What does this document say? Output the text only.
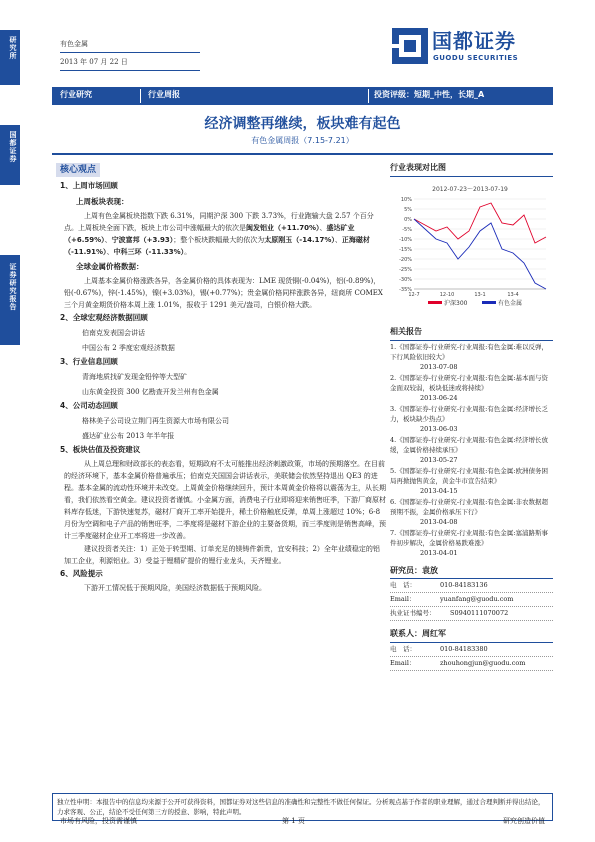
研究所
国都证券
证券研究报告
有色金属
2013 年 07 月 22 日
国都证券
GUODU SECURITIES
行业研究	行业周报	投资评级：短期_中性，长期_A
经济调整再继续，板块难有起色
有色金属周报（7.15-7.21）
核心观点
1、上周市场回顾
上周板块表现：
上周有色金属板块指数下跌 6.31%，同期沪深 300 下跌 3.73%，行业跑输大盘 2.57 个百分点。上周板块全面下跌，板块上市公司中涨幅最大的依次是闽发铝业（+11.70%）、盛达矿业（+6.59%）、宁波富邦（+3.93）；整个板块跌幅最大的依次为太原刚玉（-14.17%）、正海磁材（-11.91%）、中科三环（-11.33%）。
全球金属价格数据：
上周基本金属价格涨跌各异，各金属价格的具体表现为：LME 现货铜(-0.04%)，铝(-0.89%)，铅(-0.67%)，锌(-1.45%)，镍(+3.03%)，锡(+0.77%)；贵金属价格同样涨跌各异，纽商所 COMEX 三个月黄金期货价格本周上涨 1.01%，报收于 1291 美元/盎司，白银价格大跌。
2、全球宏观经济数据回顾
伯南克发表国会讲话
中国公布 2 季度宏观经济数据
3、行业信息回顾
青海地质找矿发现金铅锌等大型矿
山东黄金投资 300 亿勘查开发兰州有色金属
4、公司动态回顾
格林美子公司设立荆门再生资源大市场有限公司
盛达矿业公布 2013 年半年报
5、板块估值及投资建议
从上周总理和财政部长的表态看，短期政府不太可能推出经济刺激政策，市场的预期落空。在目前的经济环境下，基本金属价格普遍承压；伯南克关国国会讲话表示，美联储会依然坚持退出 QE3 的进程。基本金属的流动性环境并未改变。上周黄金价格继续回升，预计本周黄金价格将以震荡为主，从长期看，我们依然看空黄金。建议投资者谨慎。小金属方面，消费电子行业即将迎来销售旺季，下游厂商原材料库存低迷，下游快速复苏，磁材厂商开工率开始提升，稀土价格触底反弹，单周上涨超过 10%；6-8 月份为空调和电子产品的销售旺季，二季度将是磁材下游企业的主要备货期，而三季度则是销售高峰，预计三季度磁材企业开工率将进一步改善。
建议投资者关注：1）正处于转型期、订单充足的镁铸件新贵，宜安科技；2）全年业绩稳定的铝加工企业，利源铝业。3）受益于锂精矿提价的锂行业龙头，天齐锂业。
6、风险提示
下游开工情况低于预期风险，美国经济数据低于预期风险。
行业表现对比图
2012-07-23～2013-07-19
10%
5%
0%
-5%
-10%
-15%
-20%
-25%
-30%
-35%
12-7	12-10	13-1	13-4
沪深300	有色金属
相关报告
1.《国都证券-行业研究-行业周报:有色金属:难以反弹，下行风险依旧较大》
2013-07-08
2.《国都证券-行业研究-行业周报:有色金属:基本面与资金面双较弱，板块低迷或将持续》
2013-06-24
3.《国都证券-行业研究-行业周报:有色金属:经济增长乏力，板块缺少热点》
2013-06-03
4.《国都证券-行业研究-行业周报:有色金属:经济增长放缓，金属价格持续承压》
2013-05-27
5.《国都证券-行业研究-行业周报:有色金属:欧洲债务困局再掀抛售黄金，黄金牛市宣告结束》
2013-04-15
6.《国都证券-行业研究-行业周报:有色金属:非农数据超预期不振，金属价格承压下行》
2013-04-08
7.《国都证券-行业研究-行业周报:有色金属:塞浦路斯事件初步解决，金属价格易跌难涨》
2013-04-01
研究员：袁放
电　话：	010-84183136
Email：	yuanfang@guodu.com
执业证书编号： S0940111070072
联系人：周红军
电　话：	010-84183380
Email：	zhouhongjun@guodu.com
独立性申明：本报告中的信息均来源于公开可获得资料，国都证券对这些信息的准确性和完整性不做任何保证。分析观点基于作者的职业理解，通过合理判断并得出结论，力求客观、公正，结论不受任何第三方的授意、影响，特此声明。
市场有风险，投资需谨慎	第 1 页	研究创造价值
